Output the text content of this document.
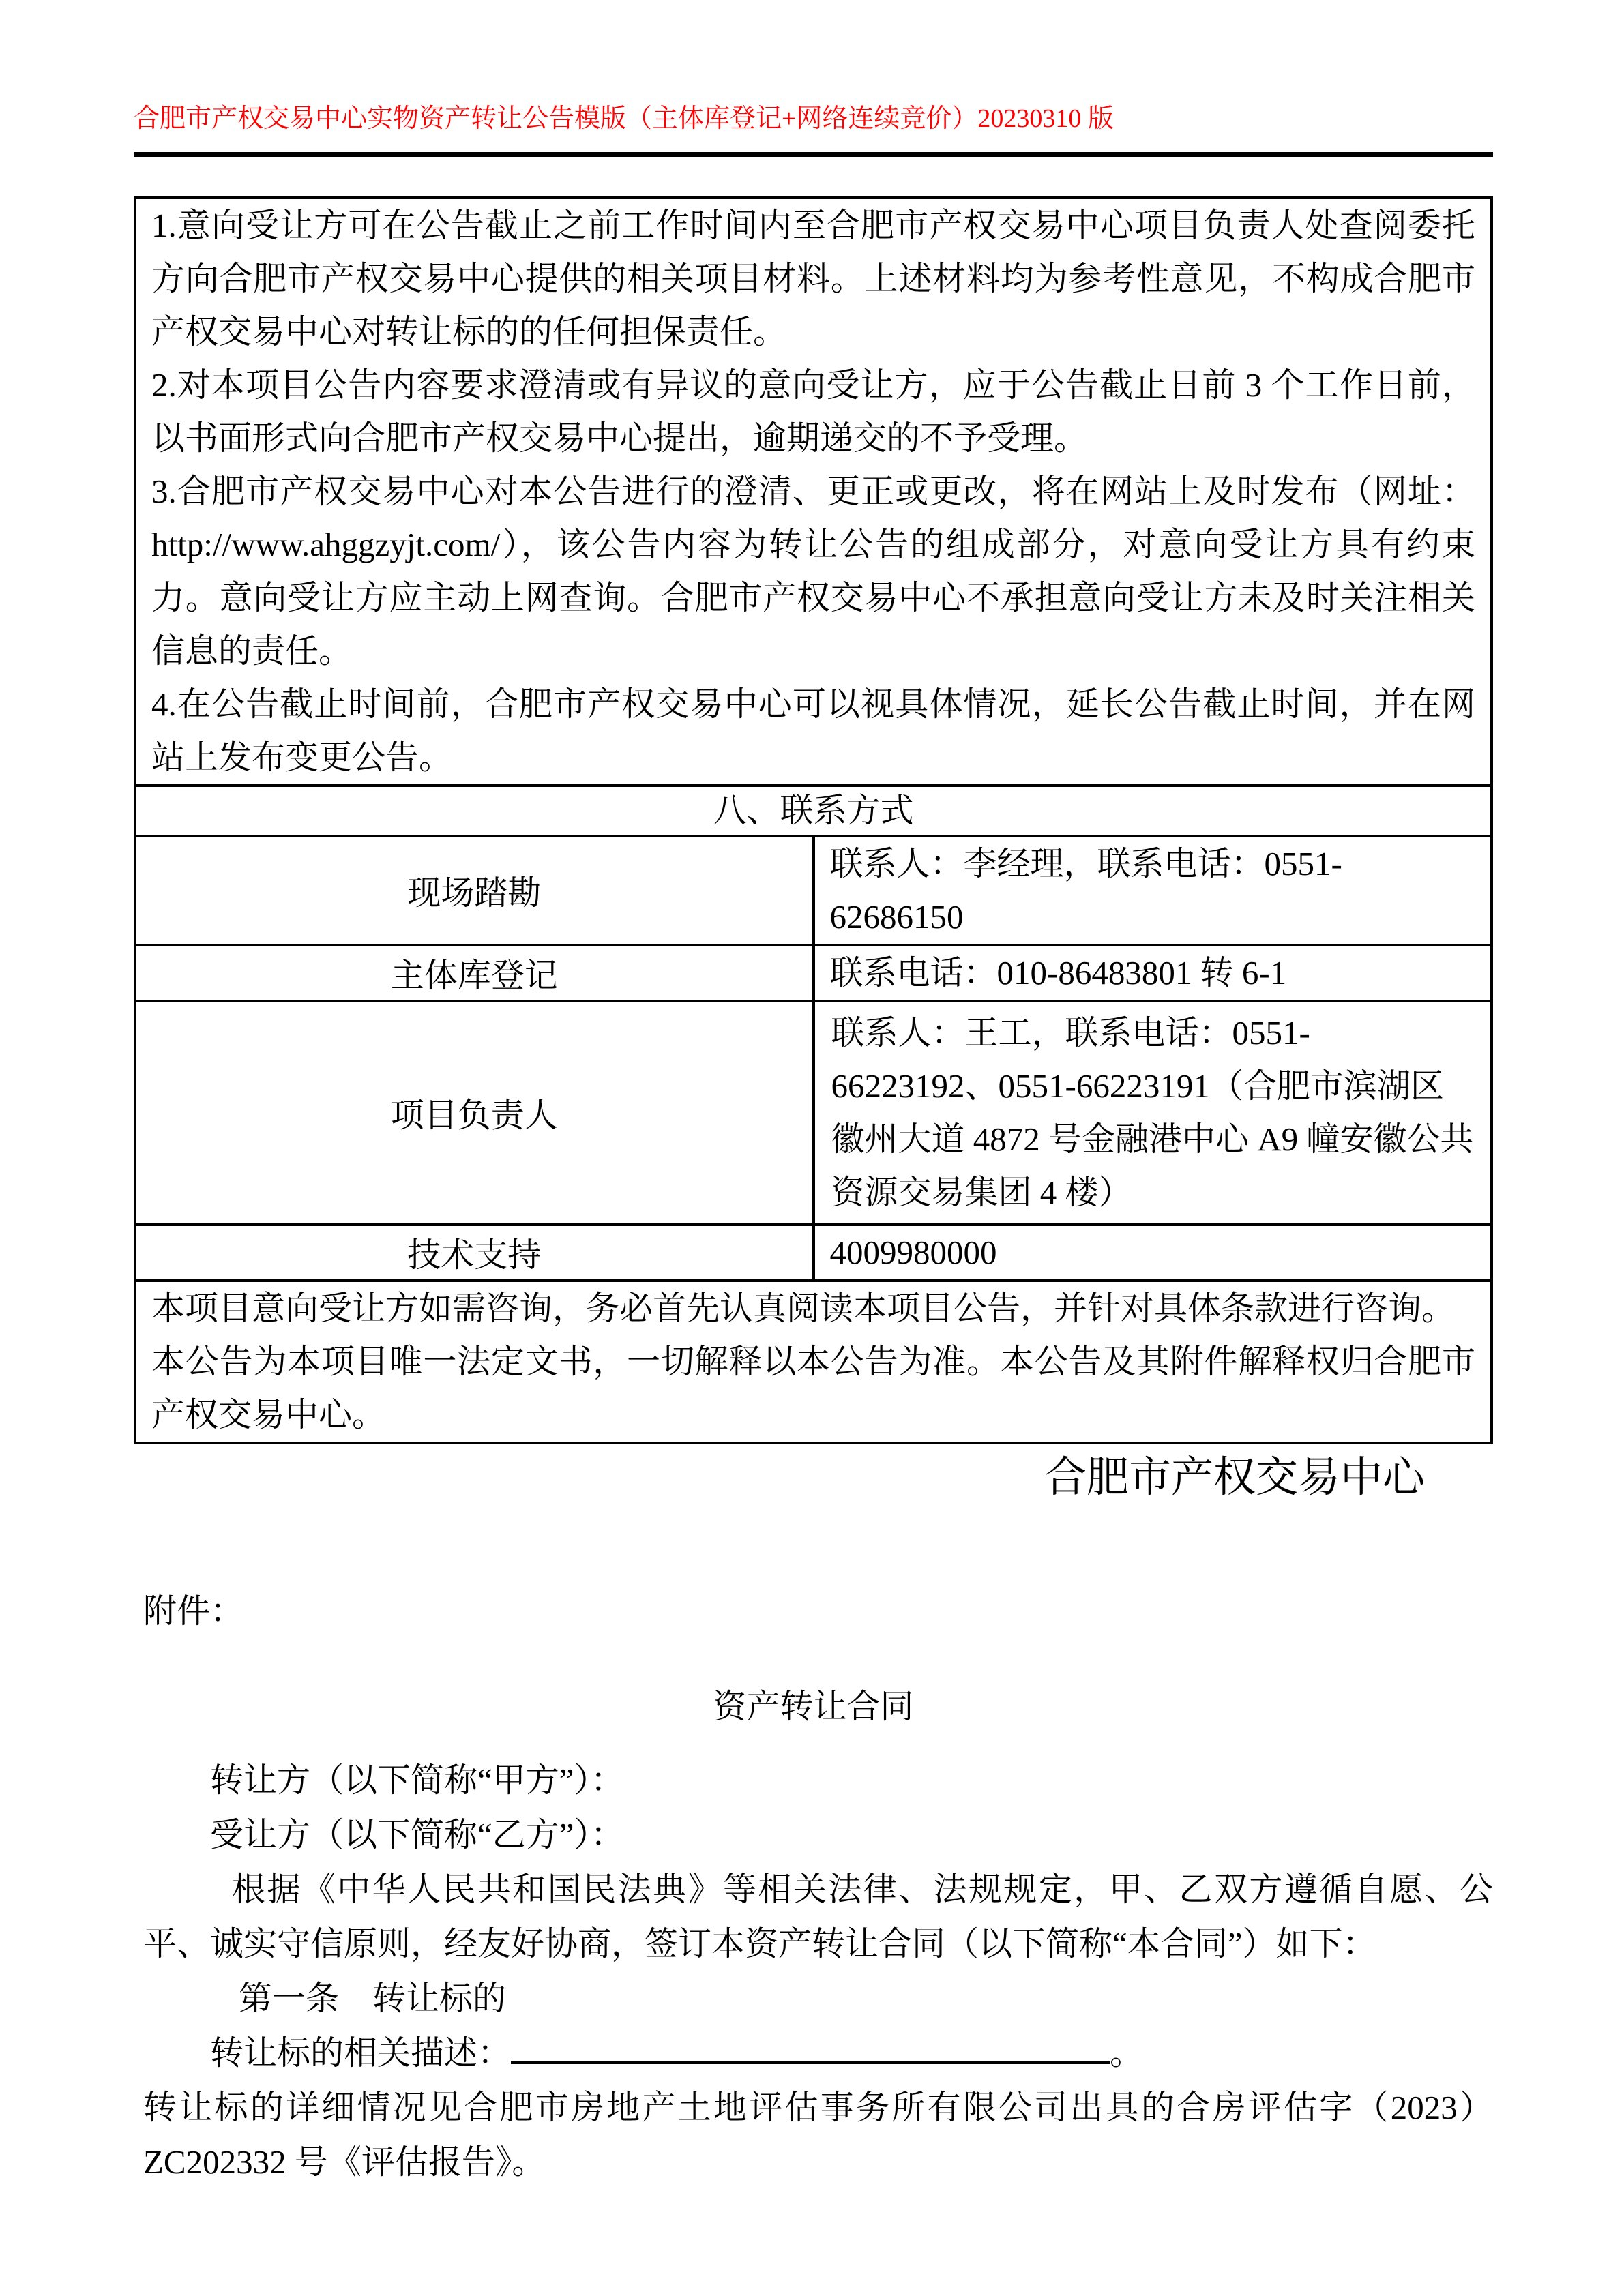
合肥市产权交易中心实物资产转让公告模版（主体库登记+网络连续竞价）20230310 版

1.意向受让方可在公告截止之前工作时间内至合肥市产权交易中心项目负责人处查阅委托方向合肥市产权交易中心提供的相关项目材料。上述材料均为参考性意见，不构成合肥市产权交易中心对转让标的的任何担保责任。

2.对本项目公告内容要求澄清或有异议的意向受让方，应于公告截止日前 3 个工作日前，以书面形式向合肥市产权交易中心提出，逾期递交的不予受理。

3.合肥市产权交易中心对本公告进行的澄清、更正或更改，将在网站上及时发布（网址：http://www.ahggzyjt.com/），该公告内容为转让公告的组成部分，对意向受让方具有约束力。意向受让方应主动上网查询。合肥市产权交易中心不承担意向受让方未及时关注相关信息的责任。

4.在公告截止时间前，合肥市产权交易中心可以视具体情况，延长公告截止时间，并在网站上发布变更公告。	

八、联系方式	
现场踏勘	联系人：李经理，联系电话：0551-62686150
主体库登记	联系电话：010-86483801 转 6-1
项目负责人	联系人：王工，联系电话：0551-66223192、0551-66223191（合肥市滨湖区徽州大道 4872 号金融港中心 A9 幢安徽公共资源交易集团 4 楼）
技术支持	4009980000

本项目意向受让方如需咨询，务必首先认真阅读本项目公告，并针对具体条款进行咨询。

本公告为本项目唯一法定文书，一切解释以本公告为准。本公告及其附件解释权归合肥市产权交易中心。	

合肥市产权交易中心
附件：
资产转让合同

转让方（以下简称“甲方”）：

受让方（以下简称“乙方”）：

根据《中华人民共和国民法典》等相关法律、法规规定，甲、乙双方遵循自愿、公平、诚实守信原则，经友好协商，签订本资产转让合同（以下简称“本合同”）如下：

第一条　转让标的

转让标的相关描述：	。

转让标的详细情况见合肥市房地产土地评估事务所有限公司出具的合房评估字（2023）ZC202332 号《评估报告》。
